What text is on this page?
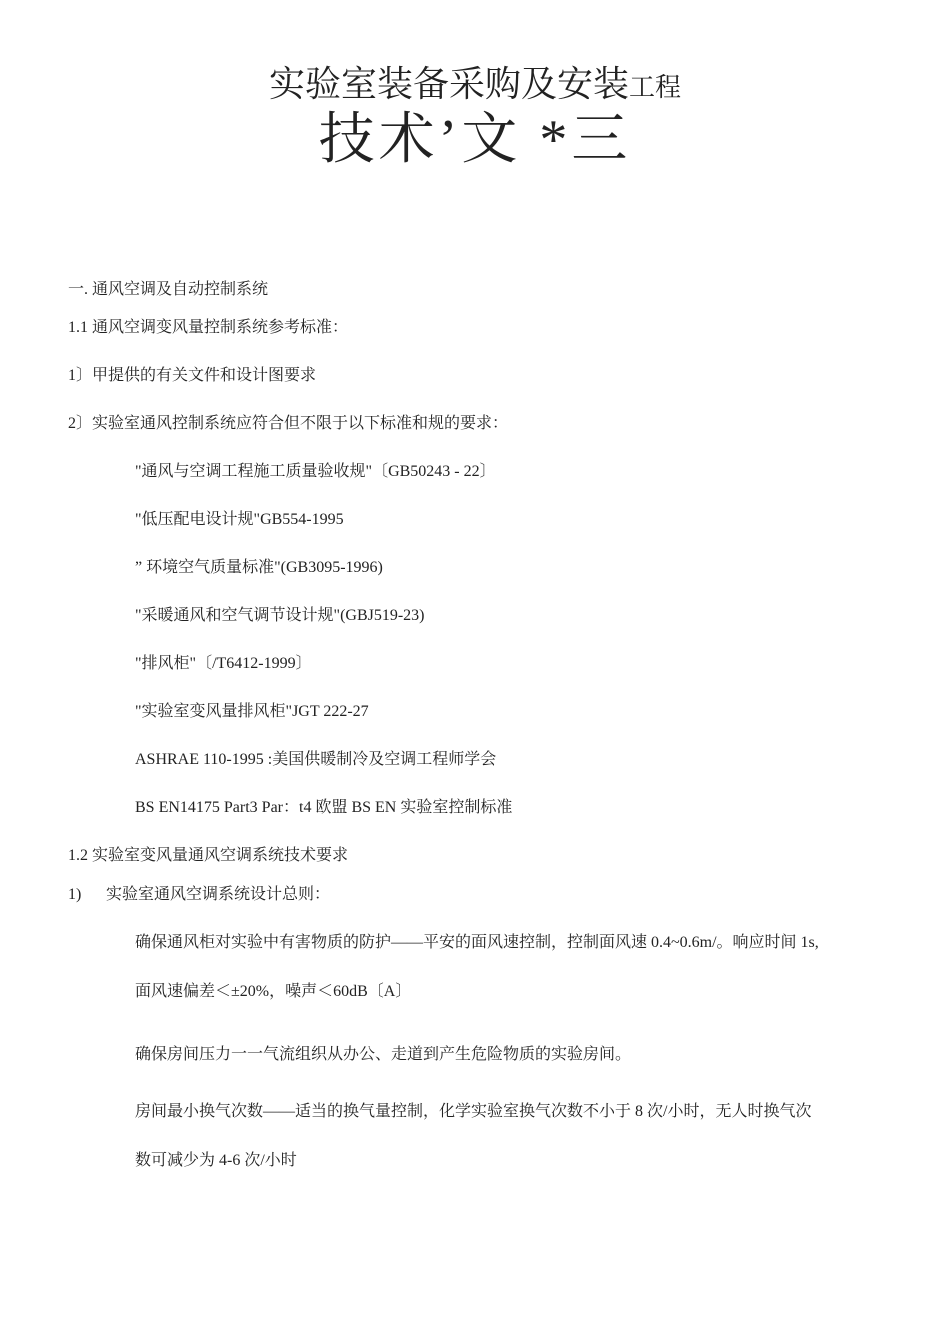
实验室装备采购及安装工程
技术’文 *三
一. 通风空调及自动控制系统
1.1 通风空调变风量控制系统参考标准：
1〕甲提供的有关文件和设计图要求
2〕实验室通风控制系统应符合但不限于以下标准和规的要求：
"通风与空调工程施工质量验收规"〔GB50243 - 22〕
"低压配电设计规"GB554-1995
” 环境空气质量标准"(GB3095-1996)
"采暖通风和空气调节设计规"(GBJ519-23)
"排风柜"〔/T6412-1999〕
"实验室变风量排风柜"JGT 222-27
ASHRAE 110-1995 :美国供暖制冷及空调工程师学会
BS EN14175 Part3 Par：t4 欧盟 BS EN 实验室控制标准
1.2 实验室变风量通风空调系统技术要求
1) 实验室通风空调系统设计总则：
确保通风柜对实验中有害物质的防护——平安的面风速控制，控制面风速 0.4~0.6m/。响应时间 1s,
面风速偏差＜±20%，噪声＜60dB〔A〕
确保房间压力一一气流组织从办公、走道到产生危险物质的实验房间。
房间最小换气次数——适当的换气量控制，化学实验室换气次数不小于 8 次/小时，无人时换气次
数可减少为 4-6 次/小时
